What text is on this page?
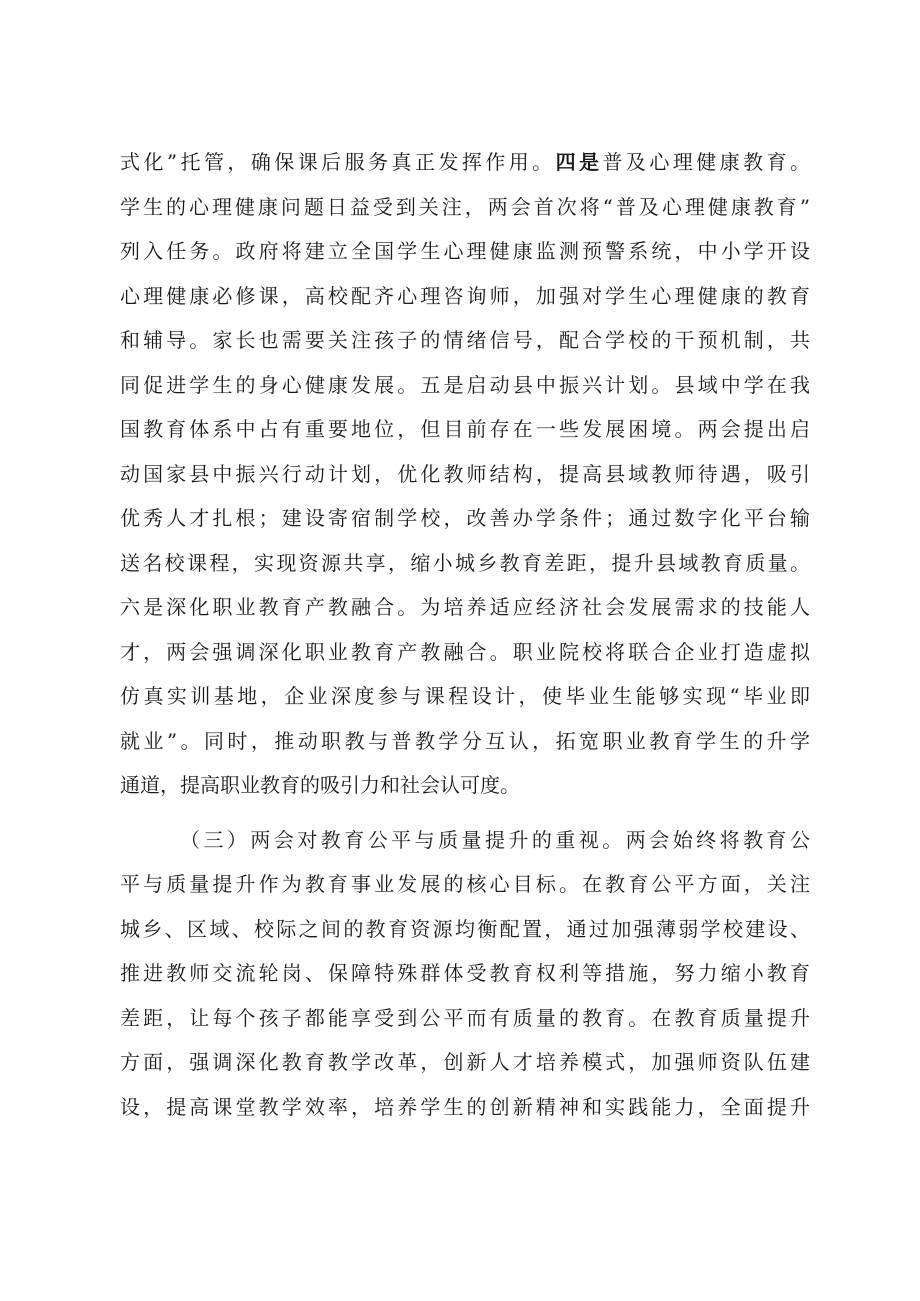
式化”托管，确保课后服务真正发挥作用。四是普及心理健康教育。
学生的心理健康问题日益受到关注，两会首次将“普及心理健康教育”
列入任务。政府将建立全国学生心理健康监测预警系统，中小学开设
心理健康必修课，高校配齐心理咨询师，加强对学生心理健康的教育
和辅导。家长也需要关注孩子的情绪信号，配合学校的干预机制，共
同促进学生的身心健康发展。五是启动县中振兴计划。县域中学在我
国教育体系中占有重要地位，但目前存在一些发展困境。两会提出启
动国家县中振兴行动计划，优化教师结构，提高县域教师待遇，吸引
优秀人才扎根；建设寄宿制学校，改善办学条件；通过数字化平台输
送名校课程，实现资源共享，缩小城乡教育差距，提升县域教育质量。
六是深化职业教育产教融合。为培养适应经济社会发展需求的技能人
才，两会强调深化职业教育产教融合。职业院校将联合企业打造虚拟
仿真实训基地，企业深度参与课程设计，使毕业生能够实现“毕业即
就业”。同时，推动职教与普教学分互认，拓宽职业教育学生的升学
通道，提高职业教育的吸引力和社会认可度。
（三）两会对教育公平与质量提升的重视。两会始终将教育公
平与质量提升作为教育事业发展的核心目标。在教育公平方面，关注
城乡、区域、校际之间的教育资源均衡配置，通过加强薄弱学校建设、
推进教师交流轮岗、保障特殊群体受教育权利等措施，努力缩小教育
差距，让每个孩子都能享受到公平而有质量的教育。在教育质量提升
方面，强调深化教育教学改革，创新人才培养模式，加强师资队伍建
设，提高课堂教学效率，培养学生的创新精神和实践能力，全面提升
